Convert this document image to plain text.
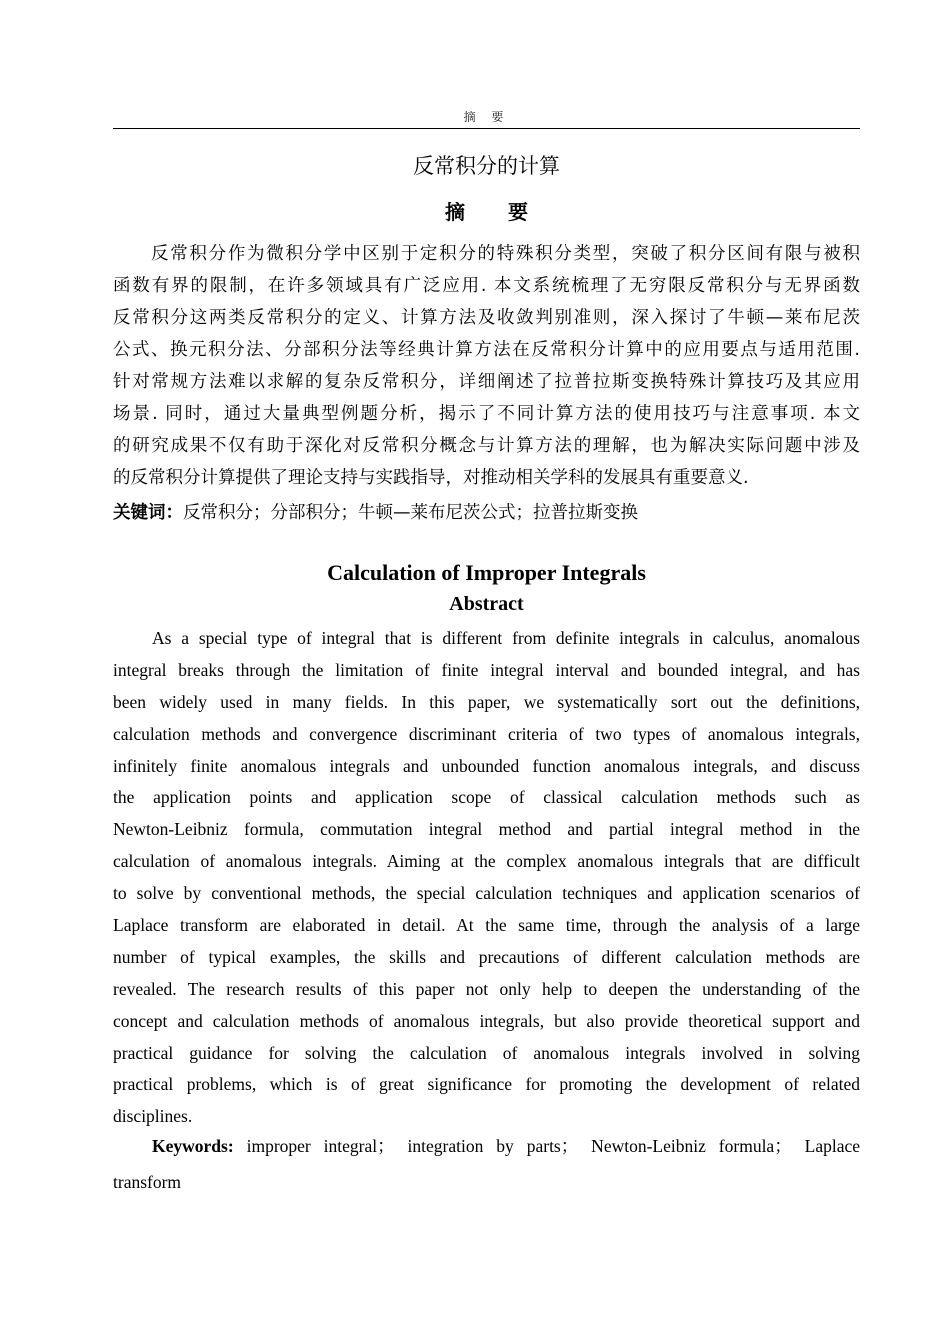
摘 要
反常积分的计算
摘 要
反常积分作为微积分学中区别于定积分的特殊积分类型，突破了积分区间有限与被积
函数有界的限制，在许多领域具有广泛应用. 本文系统梳理了无穷限反常积分与无界函数
反常积分这两类反常积分的定义、计算方法及收敛判别准则，深入探讨了牛顿—莱布尼茨
公式、换元积分法、分部积分法等经典计算方法在反常积分计算中的应用要点与适用范围.
针对常规方法难以求解的复杂反常积分，详细阐述了拉普拉斯变换特殊计算技巧及其应用
场景. 同时，通过大量典型例题分析，揭示了不同计算方法的使用技巧与注意事项. 本文
的研究成果不仅有助于深化对反常积分概念与计算方法的理解，也为解决实际问题中涉及
的反常积分计算提供了理论支持与实践指导，对推动相关学科的发展具有重要意义.
关键词：反常积分；分部积分；牛顿—莱布尼茨公式；拉普拉斯变换
Calculation of Improper Integrals
Abstract
As a special type of integral that is different from definite integrals in calculus, anomalous
integral breaks through the limitation of finite integral interval and bounded integral, and has
been widely used in many fields. In this paper, we systematically sort out the definitions,
calculation methods and convergence discriminant criteria of two types of anomalous integrals,
infinitely finite anomalous integrals and unbounded function anomalous integrals, and discuss
the application points and application scope of classical calculation methods such as
Newton-Leibniz formula, commutation integral method and partial integral method in the
calculation of anomalous integrals. Aiming at the complex anomalous integrals that are difficult
to solve by conventional methods, the special calculation techniques and application scenarios of
Laplace transform are elaborated in detail. At the same time, through the analysis of a large
number of typical examples, the skills and precautions of different calculation methods are
revealed. The research results of this paper not only help to deepen the understanding of the
concept and calculation methods of anomalous integrals, but also provide theoretical support and
practical guidance for solving the calculation of anomalous integrals involved in solving
practical problems, which is of great significance for promoting the development of related
disciplines.
Keywords: improper integral； integration by parts； Newton-Leibniz formula； Laplace
transform
